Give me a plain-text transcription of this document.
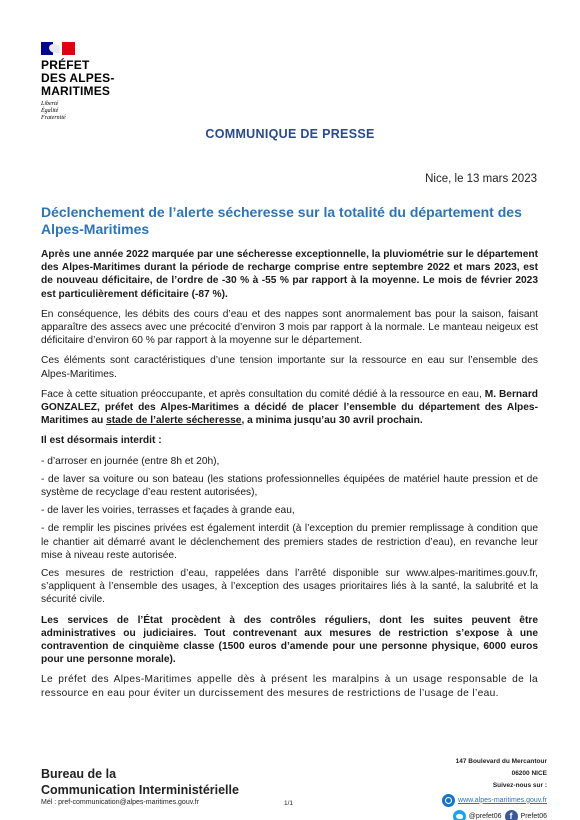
PRÉFET
DES ALPES-
MARITIMES
Liberté
Égalité
Fraternité
COMMUNIQUE DE PRESSE
Nice, le 13 mars 2023
Déclenchement de l’alerte sécheresse sur la totalité du département des Alpes-Maritimes

Après une année 2022 marquée par une sécheresse exceptionnelle, la pluviométrie sur le département des Alpes-Maritimes durant la période de recharge comprise entre septembre 2022 et mars 2023, est de nouveau déficitaire, de l’ordre de -30 % à -55 % par rapport à la moyenne. Le mois de février 2023 est particulièrement déficitaire (-87 %).

En conséquence, les débits des cours d’eau et des nappes sont anormalement bas pour la saison, faisant apparaître des assecs avec une précocité d’environ 3 mois par rapport à la normale. Le manteau neigeux est déficitaire d’environ 60 % par rapport à la moyenne sur le département.

Ces éléments sont caractéristiques d’une tension importante sur la ressource en eau sur l’ensemble des Alpes-Maritimes.

Face à cette situation préoccupante, et après consultation du comité dédié à la ressource en eau, M. Bernard GONZALEZ, préfet des Alpes-Maritimes a décidé de placer l’ensemble du département des Alpes-Maritimes au stade de l’alerte sécheresse, a minima jusqu’au 30 avril prochain.

Il est désormais interdit :

- d’arroser en journée (entre 8h et 20h),

- de laver sa voiture ou son bateau (les stations professionnelles équipées de matériel haute pression et de système de recyclage d’eau restent autorisées),

- de laver les voiries, terrasses et façades à grande eau,

- de remplir les piscines privées est également interdit (à l’exception du premier remplissage à condition que le chantier ait démarré avant le déclenchement des premiers stades de restriction d’eau), en revanche leur mise à niveau reste autorisée.

Ces mesures de restriction d’eau, rappelées dans l’arrêté disponible sur www.alpes-maritimes.gouv.fr, s’appliquent à l’ensemble des usages, à l’exception des usages prioritaires liés à la santé, la salubrité et la sécurité civile.

Les services de l’État procèdent à des contrôles réguliers, dont les suites peuvent être administratives ou judiciaires. Tout contrevenant aux mesures de restriction s’expose à une contravention de cinquième classe (1500 euros d’amende pour une personne physique, 6000 euros pour une personne morale).

Le préfet des Alpes-Maritimes appelle dès à présent les maralpins à un usage responsable de la ressource en eau pour éviter un durcissement des mesures de restrictions de l’usage de l’eau.

Bureau de la
Communication Interministérielle
Mél : pref-communication@alpes-maritimes.gouv.fr	1/1
147 Boulevard du Mercantour
06200 NICE
Suivez-nous sur :
www.alpes-maritimes.gouv.fr
@prefet06 f	Prefet06
